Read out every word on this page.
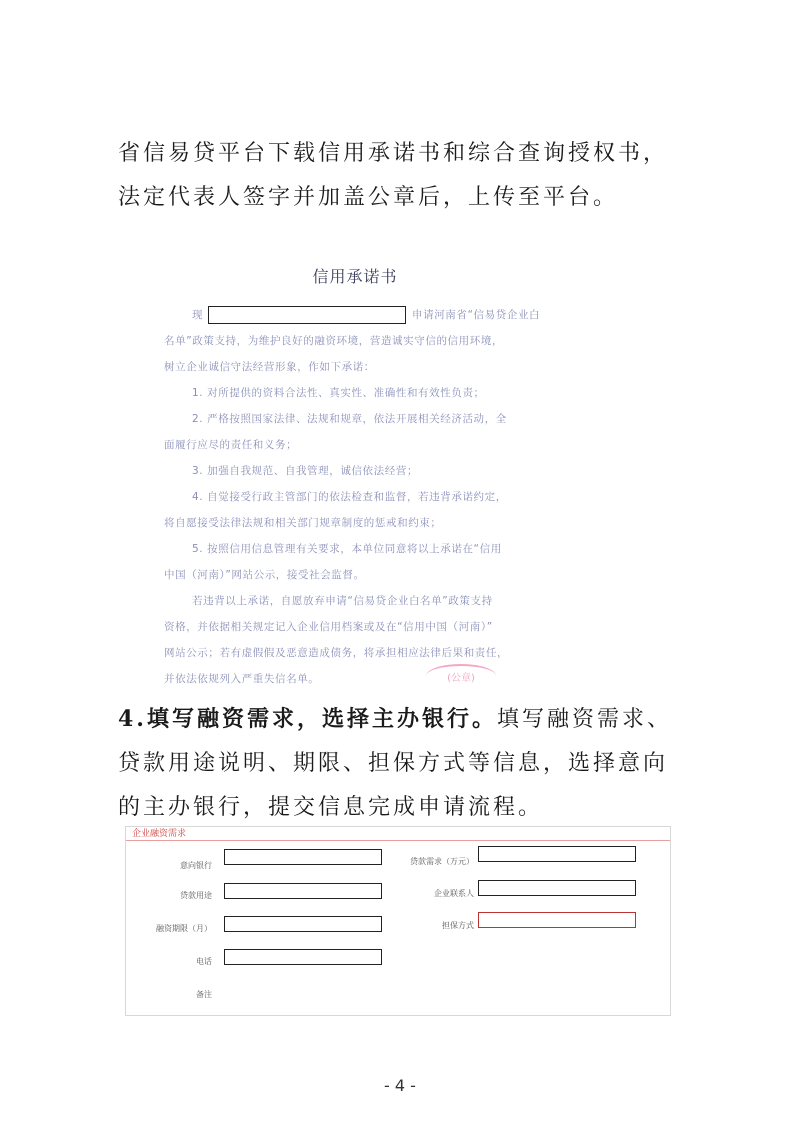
省信易贷平台下载信用承诺书和综合查询授权书，法定代表人签字并加盖公章后，上传至平台。

信用承诺书

现	申请河南省“信易贷企业白

名单”政策支持，为维护良好的融资环境，营造诚实守信的信用环境，

树立企业诚信守法经营形象，作如下承诺：

1. 对所提供的资料合法性、真实性、准确性和有效性负责；

2. 严格按照国家法律、法规和规章，依法开展相关经济活动，全

面履行应尽的责任和义务；

3. 加强自我规范、自我管理，诚信依法经营；

4. 自觉接受行政主管部门的依法检查和监督，若违背承诺约定，

将自愿接受法律法规和相关部门规章制度的惩戒和约束；

5. 按照信用信息管理有关要求，本单位同意将以上承诺在“信用

中国（河南）”网站公示，接受社会监督。

若违背以上承诺，自愿放弃申请“信易贷企业白名单”政策支持

资格，并依据相关规定记入企业信用档案或及在“信用中国（河南）”

网站公示；若有虚假假及恶意造成债务，将承担相应法律后果和责任，

并依法依规列入严重失信名单。	(公章)

4.填写融资需求，选择主办银行。填写融资需求、贷款用途说明、期限、担保方式等信息，选择意向的主办银行，提交信息完成申请流程。

企业融资需求
意向银行
贷款用途
融资期限（月）
电话
备注
贷款需求（万元）
企业联系人
担保方式
- 4 -
